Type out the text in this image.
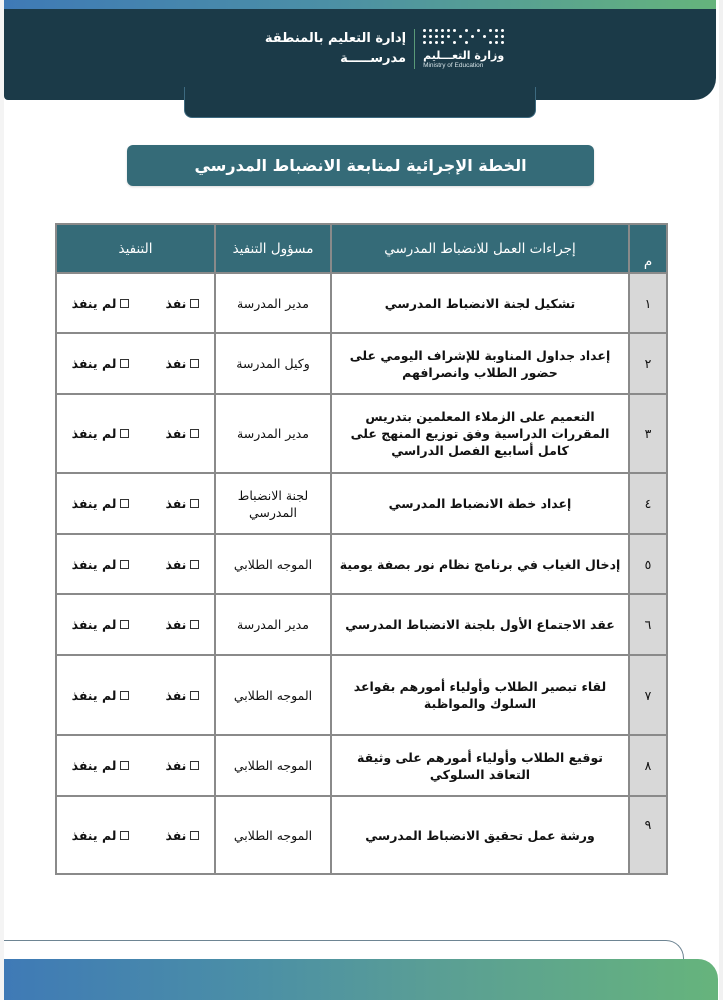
إدارة التعليم بالمنطقة
مدرســـــة وزارة التعـــليم
Ministry of Education
الخطة الإجرائية لمتابعة الانضباط المدرسي
م	إجراءات العمل للانضباط المدرسي	مسؤول التنفيذ	التنفيذ
١	تشكيل لجنة الانضباط المدرسي	مدير المدرسة	نفذ
لم ينفذ

٢	إعداد جداول المناوبة للإشراف اليومي على حضور الطلاب وانصرافهم	وكيل المدرسة	نفذ
لم ينفذ

٣	التعميم على الزملاء المعلمين بتدريس المقررات الدراسية وفق توزيع المنهج على كامل أسابيع الفصل الدراسي	مدير المدرسة	نفذ
لم ينفذ

٤	إعداد خطة الانضباط المدرسي	لجنة الانضباط المدرسي	نفذ
لم ينفذ

٥	إدخال الغياب في برنامج نظام نور بصفة يومية	الموجه الطلابي	نفذ
لم ينفذ

٦	عقد الاجتماع الأول بلجنة الانضباط المدرسي	مدير المدرسة	نفذ
لم ينفذ

٧	لقاء تبصير الطلاب وأولياء أمورهم بقواعد السلوك والمواظبة	الموجه الطلابي	نفذ
لم ينفذ

٨	توقيع الطلاب وأولياء أمورهم على وثيقة التعاقد السلوكي	الموجه الطلابي	نفذ
لم ينفذ

٩	ورشة عمل تحقيق الانضباط المدرسي	الموجه الطلابي	نفذ
لم ينفذ
